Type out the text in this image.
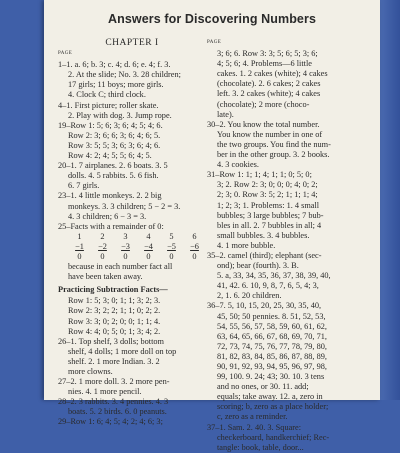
Answers for Discovering Numbers
CHAPTER I
PAGE
1–1. a. 6; b. 3; c. 4; d. 6; e. 4; f. 3.
2. At the slide; No. 3. 28 children;
17 girls; 11 boys; more girls.
4. Clock C; third clock.
4–1. First picture; roller skate.
2. Play with dog. 3. Jump rope.
19–Row 1: 5; 6; 3; 6; 4; 5; 4; 6.
Row 2: 3; 6; 6; 3; 6; 4; 6; 5.
Row 3: 5; 5; 3; 6; 3; 6; 4; 6.
Row 4: 2; 4; 5; 5; 6; 4; 5.
20–1. 7 airplanes. 2. 6 boats. 3. 5
dolls. 4. 5 rabbits. 5. 6 fish.
6. 7 girls.
23–1. 4 little monkeys. 2. 2 big
monkeys. 3. 3 children; 5 − 2 = 3.
4. 3 children; 6 − 3 = 3.
25–Facts with a remainder of 0:
1	2	3	4	5	6
−1	−2	−3	−4	−5	−6
0	0	0	0	0	0
because in each number fact all
have been taken away.
Practicing Subtraction Facts—
Row 1: 5; 3; 0; 1; 1; 3; 2; 3.
Row 2: 3; 2; 2; 1; 1; 0; 2; 2.
Row 3: 3; 0; 2; 0; 0; 1; 1; 4.
Row 4: 4; 0; 5; 0; 1; 3; 4; 2.
26–1. Top shelf, 3 dolls; bottom
shelf, 4 dolls; 1 more doll on top
shelf. 2. 1 more Indian. 3. 2
more clowns.
27–2. 1 more doll. 3. 2 more pen-
nies. 4. 1 more pencil.
28–2. 3 rabbits. 3. 4 pennies. 4. 3
boats. 5. 2 birds. 6. 0 peanuts.
29–Row 1: 6; 4; 5; 4; 2; 4; 6; 3;
PAGE
3; 6; 6. Row 3: 3; 5; 6; 5; 3; 6;
4; 5; 6; 4. Problems—6 little
cakes. 1. 2 cakes (white); 4 cakes
(chocolate). 2. 6 cakes; 2 cakes
left. 3. 2 cakes (white); 4 cakes
(chocolate); 2 more (choco-
late).
30–2. You know the total number.
You know the number in one of
the two groups. You find the num-
ber in the other group. 3. 2 books.
4. 3 cookies.
31–Row 1: 1; 1; 4; 1; 1; 0; 5; 0;
3; 2. Row 2: 3; 0; 0; 0; 4; 0; 2;
2; 3; 0. Row 3: 5; 2; 1; 1; 1; 4;
1; 2; 3; 1. Problems: 1. 4 small
bubbles; 3 large bubbles; 7 bub-
bles in all. 2. 7 bubbles in all; 4
small bubbles. 3. 4 bubbles.
4. 1 more bubble.
35–2. camel (third); elephant (sec-
ond); bear (fourth). 3. B.
5. a, 33, 34, 35, 36, 37, 38, 39, 40,
41, 42. 6. 10, 9, 8, 7, 6, 5, 4; 3,
2, 1. 6. 20 children.
36–7. 5, 10, 15, 20, 25, 30, 35, 40,
45, 50; 50 pennies. 8. 51, 52, 53,
54, 55, 56, 57, 58, 59, 60, 61, 62,
63, 64, 65, 66, 67, 68, 69, 70, 71,
72, 73, 74, 75, 76, 77, 78, 79, 80,
81, 82, 83, 84, 85, 86, 87, 88, 89,
90, 91, 92, 93, 94, 95, 96, 97, 98,
99, 100. 9. 24; 43; 30. 10. 3 tens
and no ones, or 30. 11. add;
equals; take away. 12. a, zero in
scoring; b, zero as a place holder;
c, zero as a reminder.
37–1. Sam. 2. 40. 3. Square:
checkerboard, handkerchief; Rec-
tangle: book, table, door...
